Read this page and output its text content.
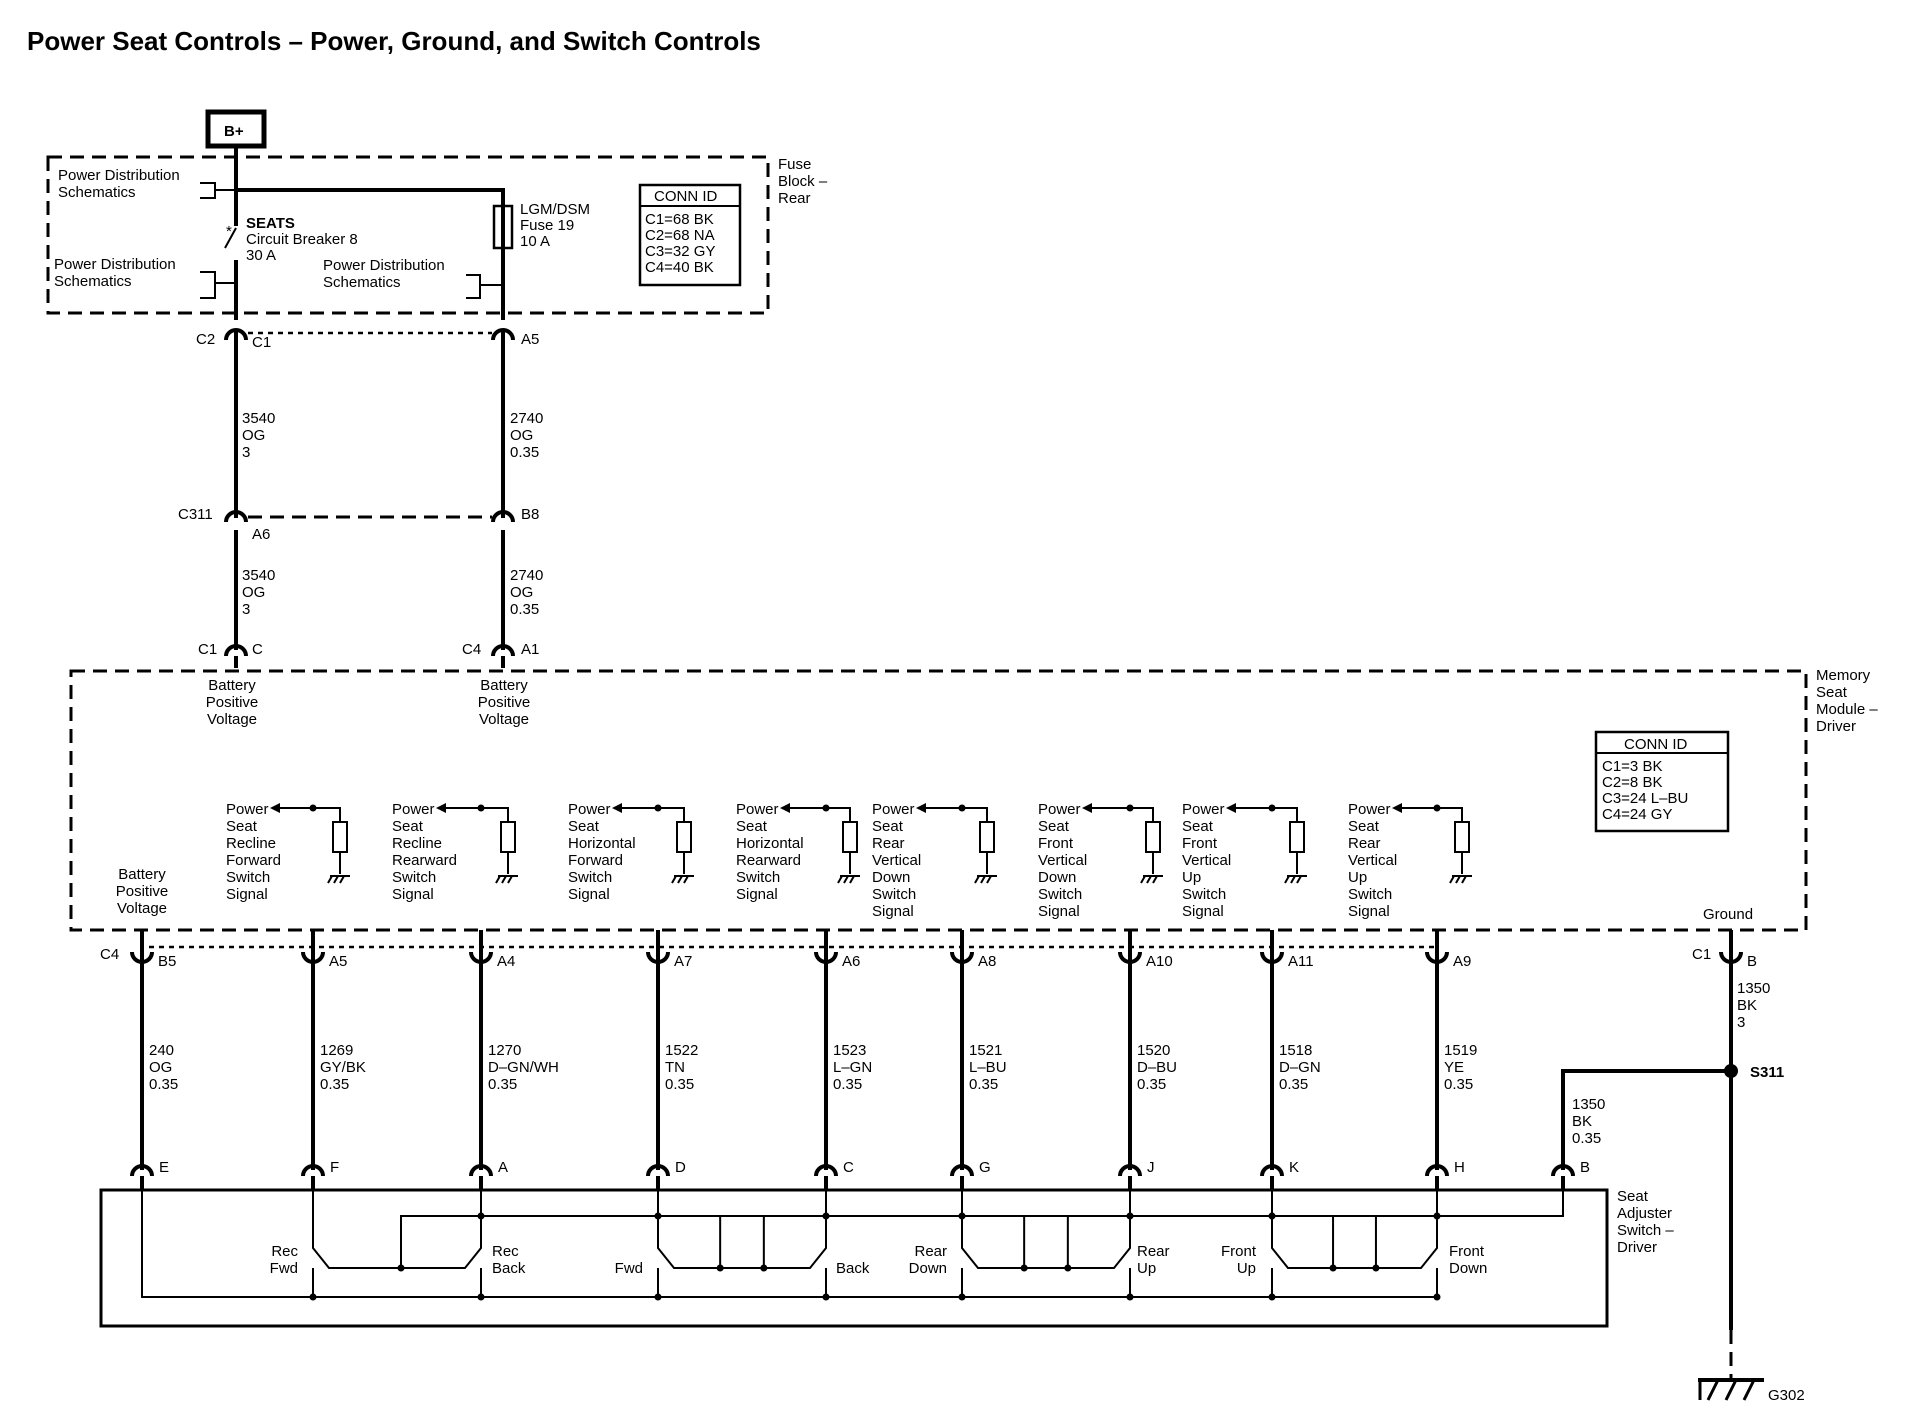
Power Seat Controls – Power, Ground, and Switch Controls
B+
Fuse
Block –
Rear
Power Distribution
Schematics
Power Distribution
Schematics
Power Distribution
Schematics
* SEATS
Circuit Breaker 8
30 A
LGM/DSM
Fuse 19
10 A
CONN ID
C1=68 BK
C2=68 NA
C3=32 GY
C4=40 BK
C2 C1	A5
3540
OG
3
2740
OG
0.35
C311	B8
A6
3540
OG
3
2740
OG
0.35
C1 C	C4	A1
Memory
Seat
Module –
Driver
Battery
Positive
Voltage
Battery
Positive
Voltage
Battery
Positive
Voltage
CONN ID
C1=3 BK
C2=8 BK
C3=24 L–BU
C4=24 GY
Ground
Power
Seat
Recline
Forward
Switch
Signal
Power
Seat
Recline
Rearward
Switch
Signal
Power
Seat
Horizontal
Forward
Switch
Signal
Power
Seat
Horizontal
Rearward
Switch
Signal
Power
Seat
Rear
Vertical
Down
Switch
Signal
Power
Seat
Front
Vertical
Down
Switch
Signal
Power
Seat
Front
Vertical
Up
Switch
Signal
Power
Seat
Rear
Vertical
Up
Switch
Signal
C4	C1
B5	A5	A4	A7	A6	A8	A10	A11	A9	B
240
OG
0.35
1269
GY/BK
0.35
1270
D–GN/WH
0.35
1522
TN
0.35
1523
L–GN
0.35
1521
L–BU
0.35
1520
D–BU
0.35
1518
D–GN
0.35
1519
YE
0.35
E	F	A	D	C	G	J	K	H	B
1350
BK
3
S311
1350
BK
0.35
G302
Seat
Adjuster
Switch –
Driver
Rec
Fwd	Fwd
Rear
Down
Front
Up
Rec
Back	Back
Rear
Up
Front
Down
